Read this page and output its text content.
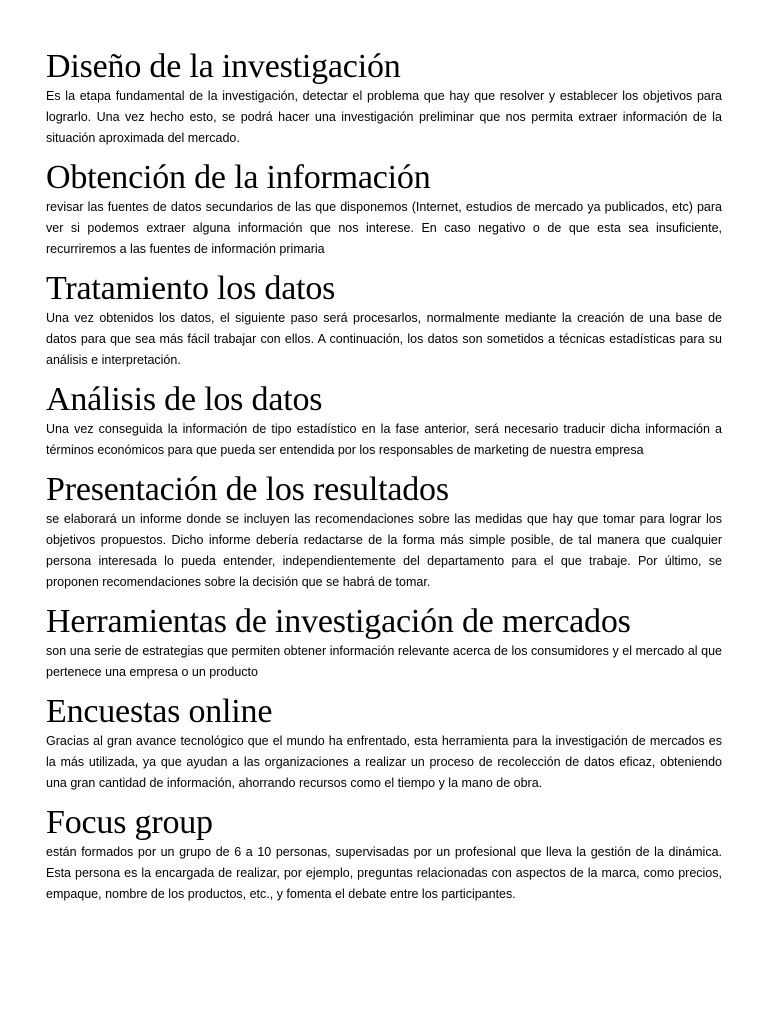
Diseño de la investigación

Es la etapa fundamental de la investigación, detectar el problema que hay que resolver y establecer los objetivos para lograrlo. Una vez hecho esto, se podrá hacer una investigación preliminar que nos permita extraer información de la situación aproximada del mercado.

Obtención de la información

revisar las fuentes de datos secundarios de las que disponemos (Internet, estudios de mercado ya publicados, etc) para ver si podemos extraer alguna información que nos interese. En caso negativo o de que esta sea insuficiente, recurriremos a las fuentes de información primaria

Tratamiento los datos

Una vez obtenidos los datos, el siguiente paso será procesarlos, normalmente mediante la creación de una base de datos para que sea más fácil trabajar con ellos. A continuación, los datos son sometidos a técnicas estadísticas para su análisis e interpretación.

Análisis de los datos

Una vez conseguida la información de tipo estadístico en la fase anterior, será necesario traducir dicha información a términos económicos para que pueda ser entendida por los responsables de marketing de nuestra empresa

Presentación de los resultados

se elaborará un informe donde se incluyen las recomendaciones sobre las medidas que hay que tomar para lograr los objetivos propuestos. Dicho informe debería redactarse de la forma más simple posible, de tal manera que cualquier persona interesada lo pueda entender, independientemente del departamento para el que trabaje. Por último, se proponen recomendaciones sobre la decisión que se habrá de tomar.

Herramientas de investigación de mercados

son una serie de estrategias que permiten obtener información relevante acerca de los consumidores y el mercado al que pertenece una empresa o un producto

Encuestas online

Gracias al gran avance tecnológico que el mundo ha enfrentado, esta herramienta para la investigación de mercados es la más utilizada, ya que ayudan a las organizaciones a realizar un proceso de recolección de datos eficaz, obteniendo una gran cantidad de información, ahorrando recursos como el tiempo y la mano de obra.

Focus group

están formados por un grupo de 6 a 10 personas, supervisadas por un profesional que lleva la gestión de la dinámica. Esta persona es la encargada de realizar, por ejemplo, preguntas relacionadas con aspectos de la marca, como precios, empaque, nombre de los productos, etc., y fomenta el debate entre los participantes.
